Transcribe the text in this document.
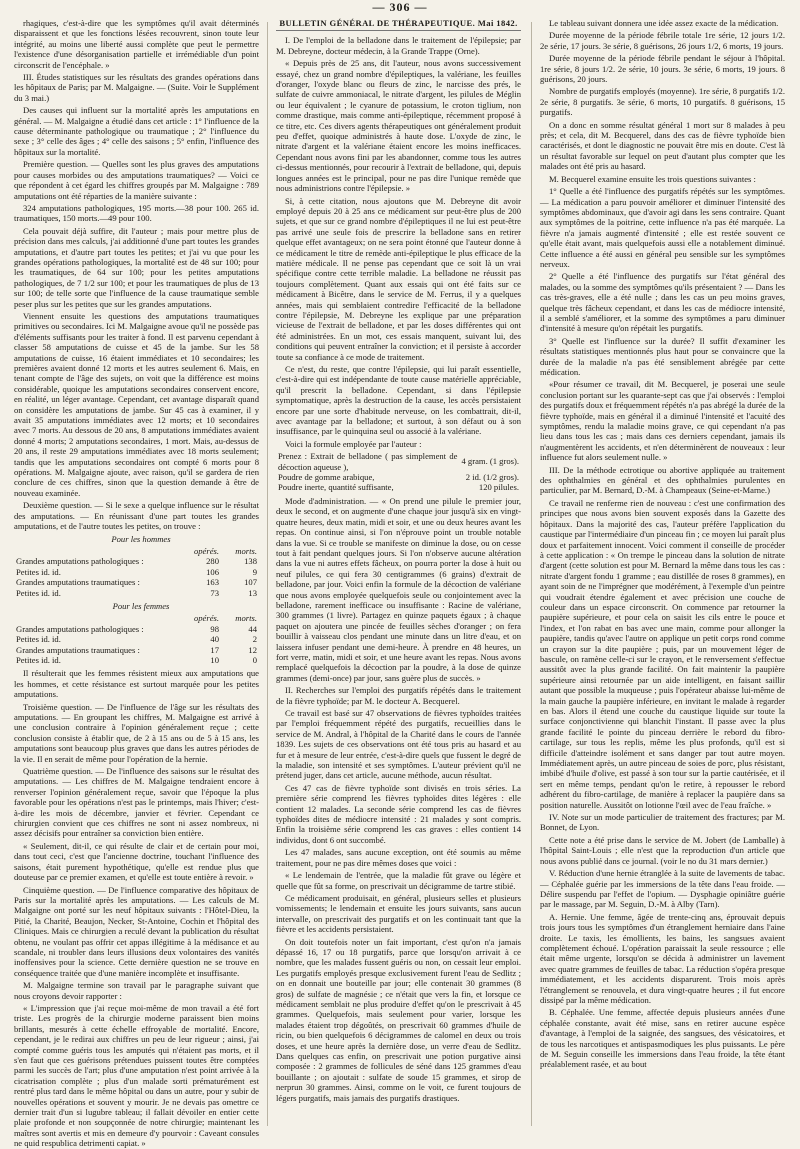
— 306 —

rhagiques, c'est-à-dire que les symptômes qu'il avait déterminés disparaissent et que les fonctions lésées recouvrent, sinon toute leur intégrité, au moins une liberté aussi complète que peut le permettre l'existence d'une désorganisation partielle et irrémédiable d'un point circonscrit de l'encéphale. »

III. Études statistiques sur les résultats des grandes opérations dans les hôpitaux de Paris; par M. Malgaigne. — (Suite. Voir le Supplément du 3 mai.)

Des causes qui influent sur la mortalité après les amputations en général. — M. Malgaigne a étudié dans cet article : 1° l'influence de la cause déterminante pathologique ou traumatique ; 2° l'influence du sexe ; 3° celle des âges ; 4° celle des saisons ; 5° enfin, l'influence des hôpitaux sur la mortalité.

Première question. — Quelles sont les plus graves des amputations pour causes morbides ou des amputations traumatiques? — Voici ce que répondent à cet égard les chiffres groupés par M. Malgaigne : 789 amputations ont été réparties de la manière suivante :

324 amputations pathologiques, 195 morts.—38 pour 100. 265 id. traumatiques, 150 morts.—49 pour 100.

Cela pouvait déjà suffire, dit l'auteur ; mais pour mettre plus de précision dans mes calculs, j'ai additionné d'une part toutes les grandes amputations, et d'autre part toutes les petites; et j'ai vu que pour les grandes opérations pathologiques, la mortalité est de 48 sur 100; pour les traumatiques, de 64 sur 100; pour les petites amputations pathologiques, de 7 1/2 sur 100; et pour les traumatiques de plus de 13 sur 100; de telle sorte que l'influence de la cause traumatique semble peser plus sur les petites que sur les grandes amputations.

Viennent ensuite les questions des amputations traumatiques primitives ou secondaires. Ici M. Malgaigne avoue qu'il ne possède pas d'éléments suffisants pour les traiter à fond. Il est parvenu cependant à classer 58 amputations de cuisse et 45 de la jambe. Sur les 58 amputations de cuisse, 16 étaient immédiates et 10 secondaires; les premières avaient donné 12 morts et les autres seulement 6. Mais, en tenant compte de l'âge des sujets, on voit que la différence est moins considérable, quoique les amputations secondaires conservent encore, en réalité, un léger avantage. Cependant, cet avantage disparaît quand on considère les amputations de jambe. Sur 45 cas à examiner, il y avait 35 amputations immédiates avec 12 morts; et 10 secondaires avec 7 morts. Au dessous de 20 ans, 8 amputations immédiates avaient donné 4 morts; 2 amputations secondaires, 1 mort. Mais, au-dessus de 20 ans, il reste 29 amputations immédiates avec 18 morts seulement; tandis que les amputations secondaires ont compté 6 morts pour 8 opérations. M. Malgaigne ajoute, avec raison, qu'il se gardera de rien conclure de ces chiffres, sinon que la question demande à être de nouveau examinée.

Deuxième question. — Si le sexe a quelque influence sur le résultat des amputations. — En réunissant d'une part toutes les grandes amputations, et de l'autre toutes les petites, on trouve :

Pour les hommes

	opérés.	morts.
Grandes amputations pathologiques :	280	138
Petites id. id.	106	9
Grandes amputations traumatiques :	163	107
Petites id. id.	73	13

Pour les femmes

	opérés.	morts.
Grandes amputations pathologiques :	98	44
Petites id. id.	40	2
Grandes amputations traumatiques :	17	12
Petites id. id.	10	0

Il résulterait que les femmes résistent mieux aux amputations que les hommes, et cette résistance est surtout marquée pour les petites amputations.

Troisième question. — De l'influence de l'âge sur les résultats des amputations. — En groupant les chiffres, M. Malgaigne est arrivé à une conclusion contraire à l'opinion généralement reçue ; cette conclusion consiste à établir que, de 2 à 15 ans ou de 5 à 15 ans, les amputations sont beaucoup plus graves que dans les autres périodes de la vie. Il en serait de même pour l'opération de la hernie.

Quatrième question. — De l'influence des saisons sur le résultat des amputations. — Les chiffres de M. Malgaigne tendraient encore à renverser l'opinion généralement reçue, savoir que l'époque la plus favorable pour les opérations n'est pas le printemps, mais l'hiver; c'est-à-dire les mois de décembre, janvier et février. Cependant ce chirurgien convient que ces chiffres ne sont ni assez nombreux, ni assez décisifs pour entraîner sa conviction bien entière.

« Seulement, dit-il, ce qui résulte de clair et de certain pour moi, dans tout ceci, c'est que l'ancienne doctrine, touchant l'influence des saisons, était purement hypothétique, qu'elle est rendue plus que douteuse par ce premier examen, et qu'elle est toute entière à revoir. »

Cinquième question. — De l'influence comparative des hôpitaux de Paris sur la mortalité après les amputations. — Les calculs de M. Malgaigne ont porté sur les neuf hôpitaux suivants : l'Hôtel-Dieu, la Pitié, la Charité, Beaujon, Necker, St-Antoine, Cochin et l'hôpital des Cliniques. Mais ce chirurgien a reculé devant la publication du résultat obtenu, ne voulant pas offrir cet appas illégitime à la médisance et au scandale, ni troubler dans leurs illusions deux volontaires des vanités inoffensives pour la science. Cette dernière question ne se trouve en conséquence traitée que d'une manière incomplète et insuffisante.

M. Malgaigne termine son travail par le paragraphe suivant que nous croyons devoir rapporter :

« L'impression que j'ai reçue moi-même de mon travail a été fort triste. Les progrès de la chirurgie moderne paraissent bien moins brillants, mesurés à cette échelle effroyable de mortalité. Encore, cependant, je le redirai aux chiffres un peu de leur rigueur ; ainsi, j'ai compté comme guéris tous les amputés qui n'étaient pas morts, et il s'en faut que ces guérisons prétendues puissent toutes être comptées parmi les succès de l'art; plus d'une amputation n'est point arrivée à la cicatrisation complète ; plus d'un malade sorti prématurément est rentré plus tard dans le même hôpital ou dans un autre, pour y subir de nouvelles opérations et souvent y mourir. Je ne devais pas omettre ce dernier trait d'un si lugubre tableau; il fallait dévoiler en entier cette plaie profonde et non soupçonnée de notre chirurgie; maintenant les maîtres sont avertis et mis en demeure d'y pourvoir : Caveant consules ne quid respublica detrimenti capiat. »

BULLETIN GÉNÉRAL DE THÉRAPEUTIQUE. Mai 1842.

I. De l'emploi de la belladone dans le traitement de l'épilepsie; par M. Debreyne, docteur médecin, à la Grande Trappe (Orne).

« Depuis près de 25 ans, dit l'auteur, nous avons successivement essayé, chez un grand nombre d'épileptiques, la valériane, les feuilles d'oranger, l'oxyde blanc ou fleurs de zinc, le narcisse des prés, le sulfate de cuivre ammoniacal, le nitrate d'argent, les pilules de Méglin ou leur équivalent ; le cyanure de potassium, le croton tiglium, non comme drastique, mais comme anti-épileptique, récemment proposé à ce titre, etc. Ces divers agents thérapeutiques ont généralement produit peu d'effet, quoique administrés à haute dose. L'oxyde de zinc, le nitrate d'argent et la valériane étaient encore les moins inefficaces. Cependant nous avons fini par les abandonner, comme tous les autres ci-dessus mentionnés, pour recourir à l'extrait de belladone, qui, depuis longues années est le principal, pour ne pas dire l'unique remède que nous administrions contre l'épilepsie. »

Si, à cette citation, nous ajoutons que M. Debreyne dit avoir employé depuis 20 à 25 ans ce médicament sur peut-être plus de 200 sujets, et que sur ce grand nombre d'épileptiques il ne lui est peut-être pas arrivé une seule fois de prescrire la belladone sans en retirer quelque effet avantageux; on ne sera point étonné que l'auteur donne à ce médicament le titre de remède anti-épileptique le plus efficace de la matière médicale. Il ne pense pas cependant que ce soit là un vrai spécifique contre cette terrible maladie. La belladone ne réussit pas toujours complètement. Quant aux essais qui ont été faits sur ce médicament à Bicêtre, dans le service de M. Ferrus, il y a quelques années, mais qui semblaient contredire l'efficacité de la belladone contre l'épilepsie, M. Debreyne les explique par une préparation vicieuse de l'extrait de belladone, et par les doses différentes qui ont été administrées. En un mot, ces essais manquent, suivant lui, des conditions qui peuvent entraîner la conviction; et il persiste à accorder toute sa confiance à ce mode de traitement.

Ce n'est, du reste, que contre l'épilepsie, qui lui paraît essentielle, c'est-à-dire qui est indépendante de toute cause matérielle appréciable, qu'il prescrit la belladone. Cependant, si dans l'épilepsie symptomatique, après la destruction de la cause, les accès persistaient encore par une sorte d'habitude nerveuse, on les combattrait, dit-il, avec avantage par la belladone; et surtout, à son défaut ou à son insuffisance, par le quinquina seul ou associé à la valériane.

Voici la formule employée par l'auteur :

Prenez : Extrait de belladone ( pas simplement de décoction aqueuse ),	4 gram. (1 gros).
Poudre de gomme arabique,	2 id. (1/2 gros).
Poudre inerte, quantité suffisante,	120 pilules.

Mode d'administration. — « On prend une pilule le premier jour, deux le second, et on augmente d'une chaque jour jusqu'à six en vingt-quatre heures, deux matin, midi et soir, et une ou deux heures avant les repas. On continue ainsi, si l'on n'éprouve point un trouble notable dans la vue. Si ce trouble se manifeste on diminue la dose, ou on cesse tout à fait pendant quelques jours. Si l'on n'observe aucune altération dans la vue ni autres effets fâcheux, on pourra porter la dose à huit ou neuf pilules, ce qui fera 30 centigrammes (6 grains) d'extrait de belladone, par jour. Voici enfin la formule de la décoction de valériane que nous avons employée quelquefois seule ou conjointement avec la belladone, rarement inefficace ou insuffisante : Racine de valériane, 300 grammes (1 livre). Partagez en quinze paquets égaux ; à chaque paquet on ajoutera une pincée de feuilles sèches d'oranger ; on fera bouillir à vaisseau clos pendant une minute dans un litre d'eau, et on laissera infuser pendant une demi-heure. À prendre en 48 heures, un fort verre, matin, midi et soir, et une heure avant les repas. Nous avons remplacé quelquefois la décoction par la poudre, à la dose de quinze grammes (demi-once) par jour, sans guère plus de succès. »

II. Recherches sur l'emploi des purgatifs répétés dans le traitement de la fièvre typhoïde; par M. le docteur A. Becquerel.

Ce travail est basé sur 47 observations de fièvres typhoïdes traitées par l'emploi fréquemment répété des purgatifs, recueillies dans le service de M. Andral, à l'hôpital de la Charité dans le cours de l'année 1839. Les sujets de ces observations ont été tous pris au hasard et au fur et à mesure de leur entrée, c'est-à-dire quels que fussent le degré de la maladie, son intensité et ses symptômes. L'auteur prévient qu'il ne prétend juger, dans cet article, aucune méthode, aucun résultat.

Ces 47 cas de fièvre typhoïde sont divisés en trois séries. La première série comprend les fièvres typhoïdes dites légères : elle contient 12 malades. La seconde série comprend les cas de fièvres typhoïdes dites de médiocre intensité : 21 malades y sont compris. Enfin la troisième série comprend les cas graves : elles contient 14 individus, dont 6 ont succombé.

Les 47 malades, sans aucune exception, ont été soumis au même traitement, pour ne pas dire mêmes doses que voici :

« Le lendemain de l'entrée, que la maladie fût grave ou légère et quelle que fût sa forme, on prescrivait un décigramme de tartre stibié.

Ce médicament produisait, en général, plusieurs selles et plusieurs vomissements; le lendemain et ensuite les jours suivants, sans aucun intervalle, on prescrivait des purgatifs et on les continuait tant que la fièvre et les accidents persistaient.

On doit toutefois noter un fait important, c'est qu'on n'a jamais dépassé 16, 17 ou 18 purgatifs, parce que lorsqu'on arrivait à ce nombre, que les malades fussent guéris ou non, on cessait leur emploi. Les purgatifs employés presque exclusivement furent l'eau de Sedlitz ; on en donnait une bouteille par jour; elle contenait 30 grammes (8 gros) de sulfate de magnésie ; ce n'était que vers la fin, et lorsque ce médicament semblait ne plus produire d'effet qu'on le prescrivait à 45 grammes. Quelquefois, mais seulement pour varier, lorsque les malades étaient trop dégoûtés, on prescrivait 60 grammes d'huile de ricin, ou bien quelquefois 6 décigrammes de calomel en deux ou trois doses, et une heure après la dernière dose, un verre d'eau de Sedlitz. Dans quelques cas enfin, on prescrivait une potion purgative ainsi composée : 2 grammes de follicules de séné dans 125 grammes d'eau bouillante ; on ajoutait : sulfate de soude 15 grammes, et sirop de nerprun 30 grammes. Ainsi, comme on le voit, ce furent toujours de légers purgatifs, mais jamais des purgatifs drastiques.

Le tableau suivant donnera une idée assez exacte de la médication.

Durée moyenne de la période fébrile totale 1re série, 12 jours 1/2. 2e série, 17 jours. 3e série, 8 guérisons, 26 jours 1/2, 6 morts, 19 jours.

Durée moyenne de la période fébrile pendant le séjour à l'hôpital. 1re série, 8 jours 1/2. 2e série, 10 jours. 3e série, 6 morts, 19 jours. 8 guérisons, 20 jours.

Nombre de purgatifs employés (moyenne). 1re série, 8 purgatifs 1/2. 2e série, 8 purgatifs. 3e série, 6 morts, 10 purgatifs. 8 guérisons, 15 purgatifs.

On a donc en somme résultat général 1 mort sur 8 malades à peu près; et cela, dit M. Becquerel, dans des cas de fièvre typhoïde bien caractérisés, et dont le diagnostic ne pouvait être mis en doute. C'est là un résultat favorable sur lequel on peut d'autant plus compter que les malades ont été pris au hasard.

M. Becquerel examine ensuite les trois questions suivantes :

1° Quelle a été l'influence des purgatifs répétés sur les symptômes. — La médication a paru pouvoir améliorer et diminuer l'intensité des symptômes abdominaux, que d'avoir agi dans les sens contraire. Quant aux symptômes de la poitrine, cette influence n'a pas été marquée. La fièvre n'a jamais augmenté d'intensité ; elle est restée souvent ce qu'elle était avant, mais quelquefois aussi elle a notablement diminué. Cette influence a été aussi en général peu sensible sur les symptômes nerveux.

2° Quelle a été l'influence des purgatifs sur l'état général des malades, ou la somme des symptômes qu'ils présentaient ? — Dans les cas très-graves, elle a été nulle ; dans les cas un peu moins graves, quelque très fâcheux cependant, et dans les cas de médiocre intensité, il a semblé s'améliorer, et la somme des symptômes a paru diminuer d'intensité à mesure qu'on répétait les purgatifs.

3° Quelle est l'influence sur la durée? Il suffit d'examiner les résultats statistiques mentionnés plus haut pour se convaincre que la durée de la maladie n'a pas été sensiblement abrégée par cette médication.

«Pour résumer ce travail, dit M. Becquerel, je poserai une seule conclusion portant sur les quarante-sept cas que j'ai observés : l'emploi des purgatifs doux et fréquemment répétés n'a pas abrégé la durée de la fièvre typhoïde, mais en général il a diminué l'intensité et l'acuité des symptômes, rendu la maladie moins grave, ce qui cependant n'a pas lieu dans tous les cas ; mais dans ces derniers cependant, jamais ils n'augmentèrent les accidents, et n'en déterminèrent de nouveaux : leur influence fut alors seulement nulle. »

III. De la méthode ectrotique ou abortive appliquée au traitement des ophthalmies en général et des ophthalmies purulentes en particulier, par M. Bernard, D.-M. à Champeaux (Seine-et-Marne.)

Ce travail ne renferme rien de nouveau : c'est une confirmation des principes que nous avons bien souvent exposés dans la Gazette des hôpitaux. Dans la majorité des cas, l'auteur préfère l'application du caustique par l'intermédiaire d'un pinceau fin ; ce moyen lui paraît plus doux et parfaitement innocent. Voici comment il conseille de procéder à cette application : « On trempe le pinceau dans la solution de nitrate d'argent (cette solution est pour M. Bernard la même dans tous les cas : nitrate d'argent fondu 1 gramme ; eau distillée de roses 8 grammes), en ayant soin de ne l'imprégner que modérément, à l'exemple d'un peintre qui voudrait étendre également et avec précision une couche de couleur dans un espace circonscrit. On commence par retourner la paupière supérieure, et pour cela on saisit les cils entre le pouce et l'index, et l'on rabat en bas avec une main, comme pour allonger la paupière, tandis qu'avec l'autre on applique un petit corps rond comme un crayon sur la dite paupière ; puis, par un mouvement léger de bascule, on ramène celle-ci sur le crayon, et le renversement s'effectue aussitôt avec la plus grande facilité. On fait maintenir la paupière supérieure ainsi retournée par un aide intelligent, en faisant saillir autant que possible la muqueuse ; puis l'opérateur abaisse lui-même de la main gauche la paupière inférieure, en invitant le malade à regarder en bas. Alors il étend une couche du caustique liquide sur toute la surface conjonctivienne qui blanchit l'instant. Il passe avec la plus grande facilité le pointe du pinceau derrière le rebord du fibro-cartilage, sur tous les replis, même les plus profonds, qu'il est si difficile d'atteindre isolément et sans danger par tout autre moyen. Immédiatement après, un autre pinceau de soies de porc, plus résistant, imbibé d'huile d'olive, est passé à son tour sur la partie cautérisée, et il sert en même temps, pendant qu'on le retire, à repousser le rebord adhérent du fibro-cartilage, de manière à replacer la paupière dans sa position naturelle. Aussitôt on lotionne l'œil avec de l'eau fraîche. »

IV. Note sur un mode particulier de traitement des fractures; par M. Bonnet, de Lyon.

Cette note a été prise dans le service de M. Jobert (de Lamballe) à l'hôpital Saint-Louis ; elle n'est que la reproduction d'un article que nous avons publié dans ce journal. (voir le no du 31 mars dernier.)

V. Réduction d'une hernie étranglée à la suite de lavements de tabac. — Céphalée guérie par les immersions de la tête dans l'eau froide. — Délire suspendu par l'effet de l'opium. — Dysphagie opiniâtre guérie par le massage, par M. Seguin, D.-M. à Alby (Tarn).

A. Hernie. Une femme, âgée de trente-cinq ans, éprouvait depuis trois jours tous les symptômes d'un étranglement herniaire dans l'aine droite. Le taxis, les émollients, les bains, les sangsues avaient complètement échoué. L'opération paraissait la seule ressource ; elle était même urgente, lorsqu'on se décida à administrer un lavement avec quatre grammes de feuilles de tabac. La réduction s'opéra presque immédiatement, et les accidents disparurent. Trois mois après l'étranglement se renouvela, et dura vingt-quatre heures ; il fut encore dissipé par la même médication.

B. Céphalée. Une femme, affectée depuis plusieurs années d'une céphalée constante, avait été mise, sans en retirer aucune espèce d'avantage, à l'emploi de la saignée, des sangsues, des vésicatoires, et de tous les narcotiques et antispasmodiques les plus puissants. Le père de M. Seguin conseille les immersions dans l'eau froide, la tête étant préalablement rasée, et au bout
